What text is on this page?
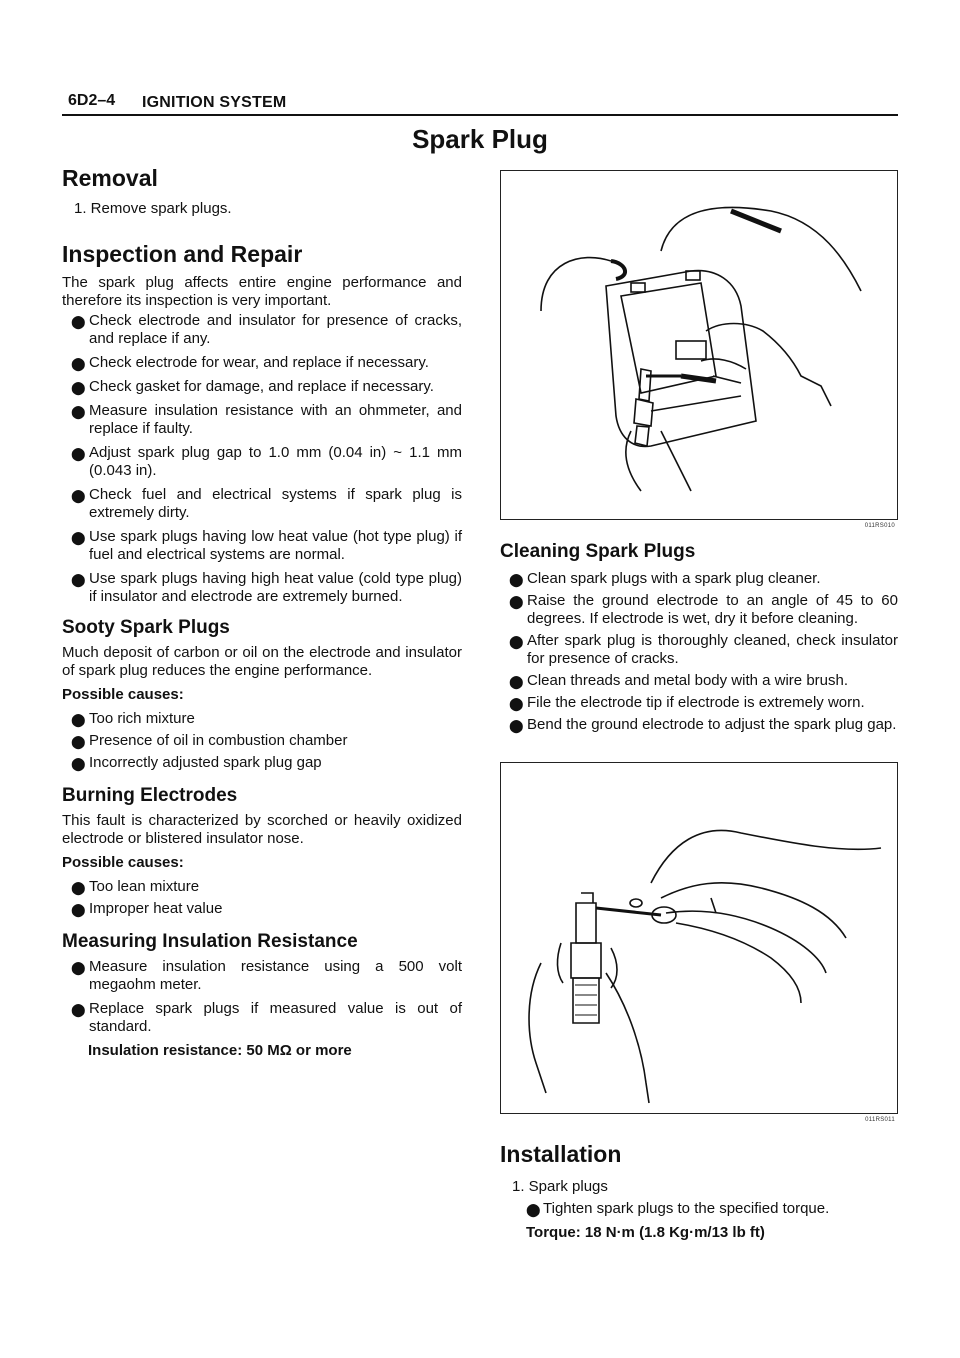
6D2–4 IGNITION SYSTEM
Spark Plug
Removal

1. Remove spark plugs.

Inspection and Repair

The spark plug affects entire engine performance and therefore its inspection is very important.

⬤ Check electrode and insulator for presence of cracks, and replace if any.
⬤ Check electrode for wear, and replace if necessary.
⬤ Check gasket for damage, and replace if necessary.
⬤ Measure insulation resistance with an ohmmeter, and replace if faulty.
⬤ Adjust spark plug gap to 1.0 mm (0.04 in) ~ 1.1 mm (0.043 in).
⬤ Check fuel and electrical systems if spark plug is extremely dirty.
⬤ Use spark plugs having low heat value (hot type plug) if fuel and electrical systems are normal.
⬤ Use spark plugs having high heat value (cold type plug) if insulator and electrode are extremely burned.
Sooty Spark Plugs

Much deposit of carbon or oil on the electrode and insulator of spark plug reduces the engine performance.

Possible causes:

⬤ Too rich mixture
⬤ Presence of oil in combustion chamber
⬤ Incorrectly adjusted spark plug gap
Burning Electrodes

This fault is characterized by scorched or heavily oxidized electrode or blistered insulator nose.

Possible causes:

⬤ Too lean mixture
⬤ Improper heat value
Measuring Insulation Resistance
⬤ Measure insulation resistance using a 500 volt megaohm meter.
⬤ Replace spark plugs if measured value is out of standard.

Insulation resistance: 50 MΩ or more

011RS010
Cleaning Spark Plugs
⬤ Clean spark plugs with a spark plug cleaner.
⬤ Raise the ground electrode to an angle of 45 to 60 degrees. If electrode is wet, dry it before cleaning.
⬤ After spark plug is thoroughly cleaned, check insulator for presence of cracks.
⬤ Clean threads and metal body with a wire brush.
⬤ File the electrode tip if electrode is extremely worn.
⬤ Bend the ground electrode to adjust the spark plug gap.
011RS011
Installation

1. Spark plugs

⬤ Tighten spark plugs to the specified torque.

Torque: 18 N·m (1.8 Kg·m/13 lb ft)
